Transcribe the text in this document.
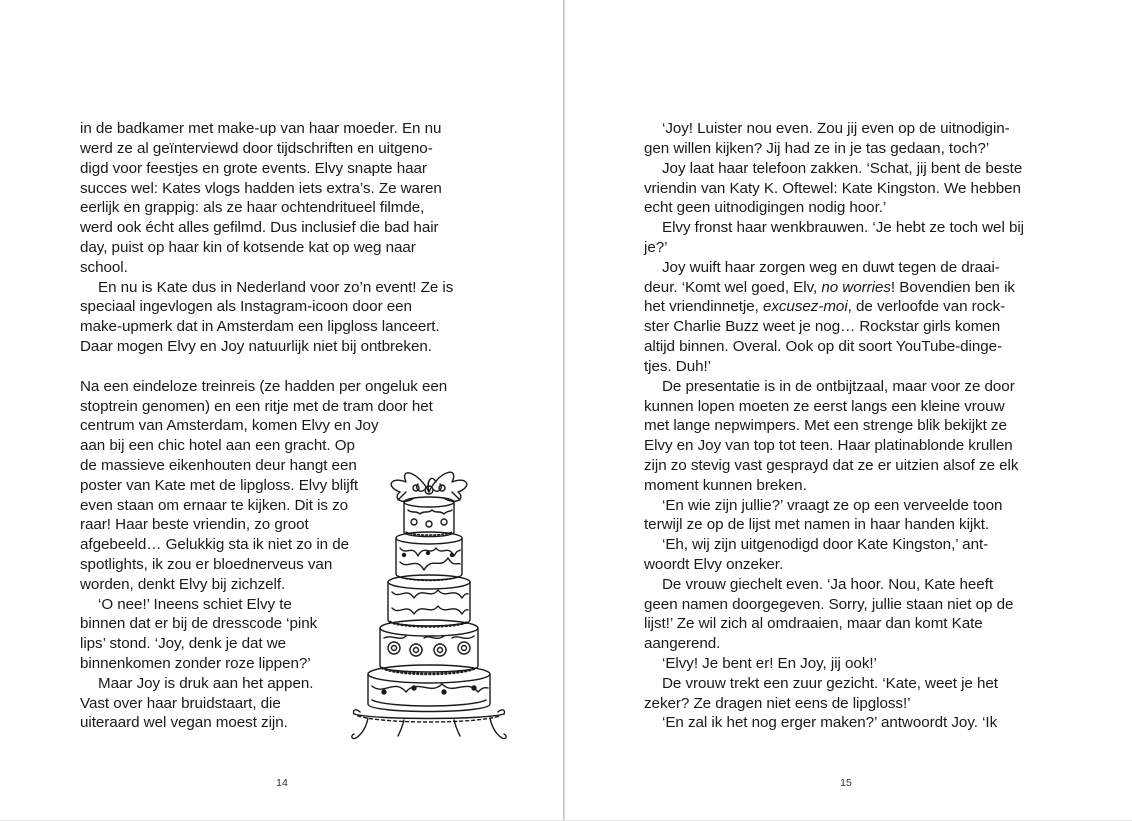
in de badkamer met make-up van haar moeder. En nu
werd ze al geïnterviewd door tijdschriften en uitgeno-
digd voor feestjes en grote events. Elvy snapte haar
succes wel: Kates vlogs hadden iets extra’s. Ze waren
eerlijk en grappig: als ze haar ochtendritueel filmde,
werd ook écht alles gefilmd. Dus inclusief die bad hair
day, puist op haar kin of kotsende kat op weg naar
school.
En nu is Kate dus in Nederland voor zo’n event! Ze is
speciaal ingevlogen als Instagram-icoon door een
make-upmerk dat in Amsterdam een lipgloss lanceert.
Daar mogen Elvy en Joy natuurlijk niet bij ontbreken.
Na een eindeloze treinreis (ze hadden per ongeluk een
stoptrein genomen) en een ritje met de tram door het
centrum van Amsterdam, komen Elvy en Joy
aan bij een chic hotel aan een gracht. Op
de massieve eikenhouten deur hangt een
poster van Kate met de lipgloss. Elvy blijft
even staan om ernaar te kijken. Dit is zo
raar! Haar beste vriendin, zo groot
afgebeeld… Gelukkig sta ik niet zo in de
spotlights, ik zou er bloednerveus van
worden, denkt Elvy bij zichzelf.
‘O nee!’ Ineens schiet Elvy te
binnen dat er bij de dresscode ‘pink
lips’ stond. ‘Joy, denk je dat we
binnenkomen zonder roze lippen?’
Maar Joy is druk aan het appen.
Vast over haar bruidstaart, die
uiteraard wel vegan moest zijn.
14
‘Joy! Luister nou even. Zou jij even op de uitnodigin-
gen willen kijken? Jij had ze in je tas gedaan, toch?’
Joy laat haar telefoon zakken. ‘Schat, jij bent de beste
vriendin van Katy K. Oftewel: Kate Kingston. We hebben
echt geen uitnodigingen nodig hoor.’
Elvy fronst haar wenkbrauwen. ‘Je hebt ze toch wel bij
je?’
Joy wuift haar zorgen weg en duwt tegen de draai-
deur. ‘Komt wel goed, Elv, no worries! Bovendien ben ik
het vriendinnetje, excusez-moi, de verloofde van rock-
ster Charlie Buzz weet je nog… Rockstar girls komen
altijd binnen. Overal. Ook op dit soort YouTube-dinge-
tjes. Duh!’
De presentatie is in de ontbijtzaal, maar voor ze door
kunnen lopen moeten ze eerst langs een kleine vrouw
met lange nepwimpers. Met een strenge blik bekijkt ze
Elvy en Joy van top tot teen. Haar platinablonde krullen
zijn zo stevig vast gesprayd dat ze er uitzien alsof ze elk
moment kunnen breken.
‘En wie zijn jullie?’ vraagt ze op een verveelde toon
terwijl ze op de lijst met namen in haar handen kijkt.
‘Eh, wij zijn uitgenodigd door Kate Kingston,’ ant-
woordt Elvy onzeker.
De vrouw giechelt even. ‘Ja hoor. Nou, Kate heeft
geen namen doorgegeven. Sorry, jullie staan niet op de
lijst!’ Ze wil zich al omdraaien, maar dan komt Kate
aangerend.
‘Elvy! Je bent er! En Joy, jij ook!’
De vrouw trekt een zuur gezicht. ‘Kate, weet je het
zeker? Ze dragen niet eens de lipgloss!’
‘En zal ik het nog erger maken?’ antwoordt Joy. ‘Ik
15
